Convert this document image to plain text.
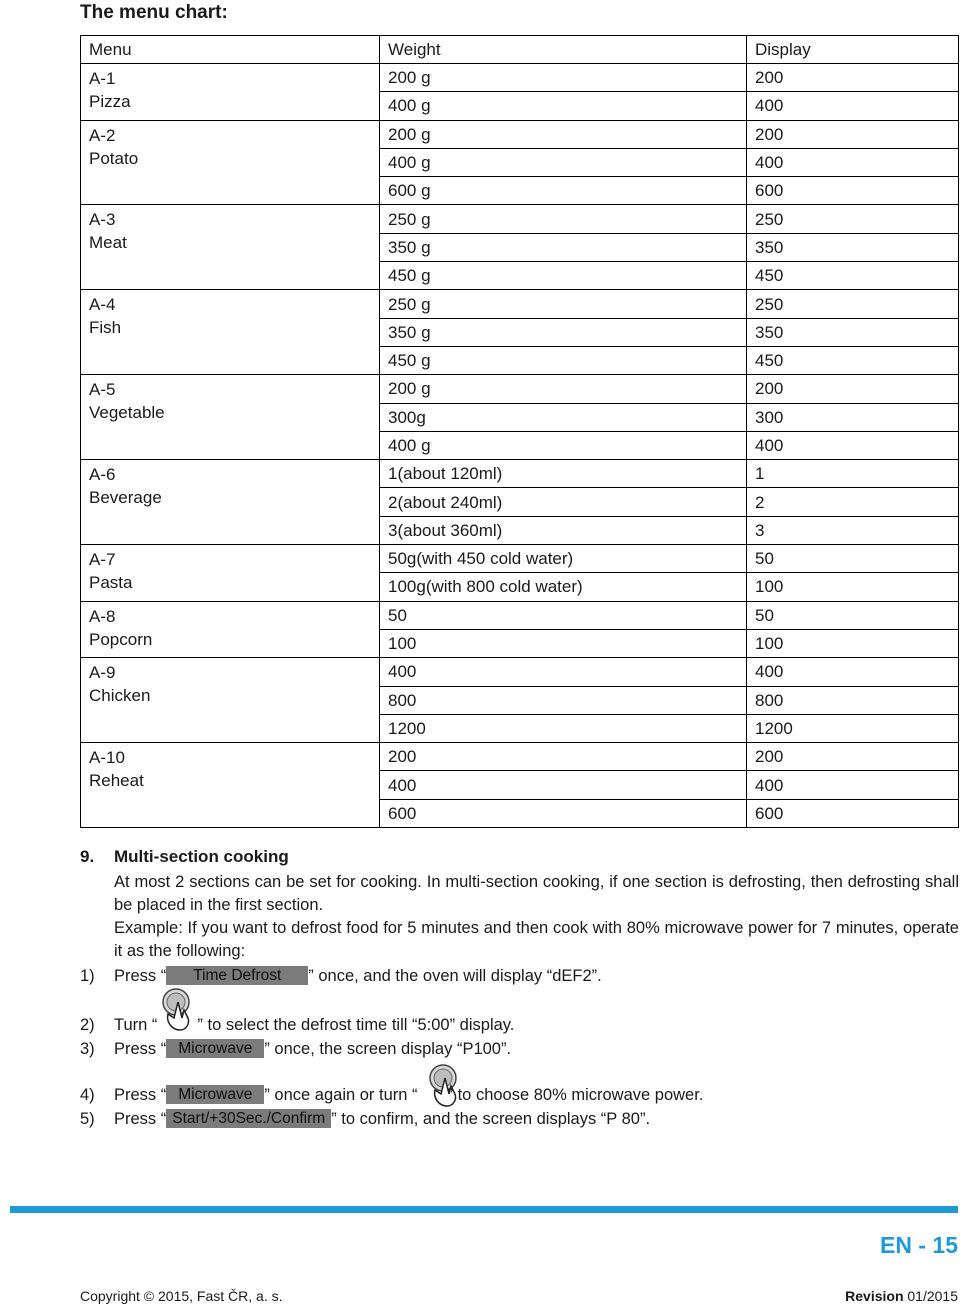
The menu chart:
Menu	Weight	Display

A-1
Pizza	200 g	200
	400 g	400

A-2
Potato	200 g	200
	400 g	400
	600 g	600

A-3
Meat	250 g	250
	350 g	350
	450 g	450

A-4
Fish	250 g	250
	350 g	350
	450 g	450

A-5
Vegetable	200 g	200
	300g	300
	400 g	400

A-6
Beverage	1(about 120ml)	1
	2(about 240ml)	2
	3(about 360ml)	3

A-7
Pasta	50g(with 450 cold water)	50
	100g(with 800 cold water)	100

A-8
Popcorn	50	50
	100	100

A-9
Chicken	400	400
	800	800
	1200	1200

A-10
Reheat	200	200
	400	400
	600	600
9. Multi-section cooking

At most 2 sections can be set for cooking. In multi-section cooking, if one section is defrosting, then defrosting shall be placed in the first section.

Example: If you want to defrost food for 5 minutes and then cook with 80% microwave power for 7 minutes, operate it as the following:

1) Press “ Time Defrost ” once, and the oven will display “dEF2”.
2) Turn “ ” to select the defrost time till “5:00” display.
3) Press “ Microwave ” once, the screen display “P100”.
4) Press “ Microwave ” once again or turn “ ” to choose 80% microwave power.
5) Press “ Start/+30Sec./Confirm ” to confirm, and the screen displays “P 80”.
EN - 15
Copyright © 2015, Fast ČR, a. s.	Revision 01/2015
